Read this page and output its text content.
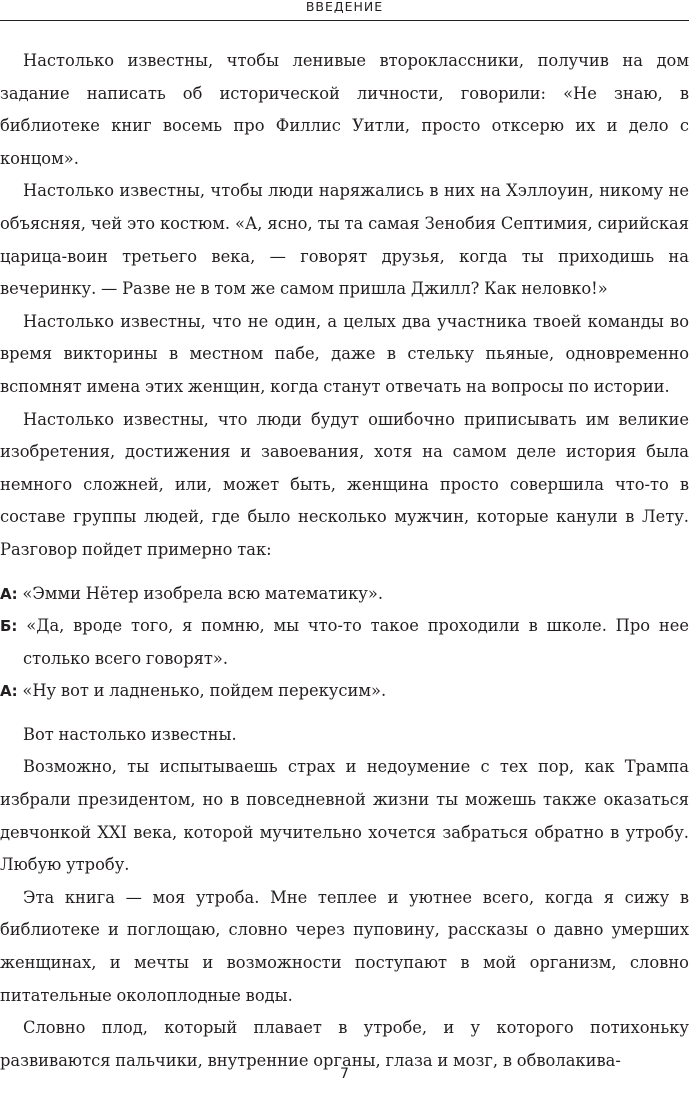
ВВЕДЕНИЕ

Настолько известны, чтобы ленивые второклассники, получив на дом задание написать об исторической личности, говорили: «Не знаю, в библиотеке книг восемь про Филлис Уитли, просто отксерю их и дело с концом».

Настолько известны, чтобы люди наряжались в них на Хэллоуин, никому не объясняя, чей это костюм. «А, ясно, ты та самая Зенобия Септимия, сирийская царица-воин третьего века, — говорят друзья, когда ты приходишь на вечеринку. — Разве не в том же самом пришла Джилл? Как неловко!»

Настолько известны, что не один, а целых два участника твоей команды во время викторины в местном пабе, даже в стельку пьяные, одновременно вспомнят имена этих женщин, когда станут отвечать на вопросы по истории.

Настолько известны, что люди будут ошибочно приписывать им великие изобретения, достижения и завоевания, хотя на самом деле история была немного сложней, или, может быть, женщина просто совершила что-то в составе группы людей, где было несколько мужчин, которые канули в Лету. Разговор пойдет примерно так:

А: «Эмми Нётер изобрела всю математику».

Б: «Да, вроде того, я помню, мы что-то такое проходили в школе. Про нее столько всего говорят».

А: «Ну вот и ладненько, пойдем перекусим».

Вот настолько известны.

Возможно, ты испытываешь страх и недоумение с тех пор, как Трампа избрали президентом, но в повседневной жизни ты можешь также оказаться девчонкой XXI века, которой мучительно хочется забраться обратно в утробу. Любую утробу.

Эта книга — моя утроба. Мне теплее и уютнее всего, когда я сижу в библиотеке и поглощаю, словно через пуповину, рассказы о давно умерших женщинах, и мечты и возможности поступают в мой организм, словно питательные околоплодные воды.

Словно плод, который плавает в утробе, и у которого потихоньку развиваются пальчики, внутренние органы, глаза и мозг, в обволакива-

7
